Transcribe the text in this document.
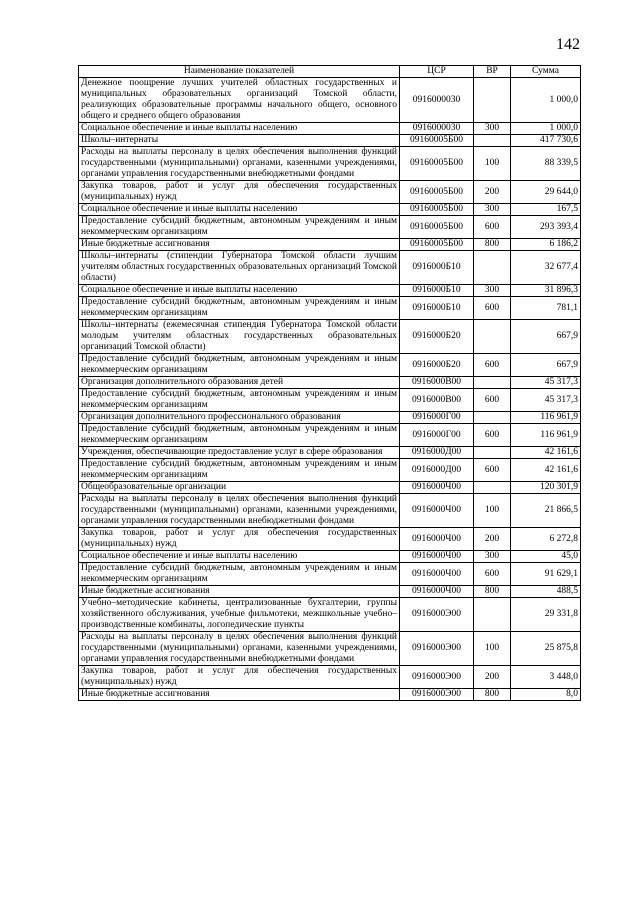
142
Наименование показателей	ЦСР	ВР	Сумма
Денежное поощрение лучших учителей областных государственных и муниципальных образовательных организаций Томской области, реализующих образовательные программы начального общего, основного общего и среднего общего образования	0916000030		1 000,0
Социальное обеспечение и иные выплаты населению	0916000030	300	1 000,0
Школы–интернаты	09160005Б00		417 730,6
Расходы на выплаты персоналу в целях обеспечения выполнения функций государственными (муниципальными) органами, казенными учреждениями, органами управления государственными внебюджетными фондами	09160005Б00	100	88 339,5
Закупка товаров, работ и услуг для обеспечения государственных (муниципальных) нужд	09160005Б00	200	29 644,0
Социальное обеспечение и иные выплаты населению	09160005Б00	300	167,5
Предоставление субсидий бюджетным, автономным учреждениям и иным некоммерческим организациям	09160005Б00	600	293 393,4
Иные бюджетные ассигнования	09160005Б00	800	6 186,2
Школы–интернаты (стипендии Губернатора Томской области лучшим учителям областных государственных образовательных организаций Томской области)	0916000Б10		32 677,4
Социальное обеспечение и иные выплаты населению	0916000Б10	300	31 896,3
Предоставление субсидий бюджетным, автономным учреждениям и иным некоммерческим организациям	0916000Б10	600	781,1
Школы–интернаты (ежемесячная стипендия Губернатора Томской области молодым учителям областных государственных образовательных организаций Томской области)	0916000Б20		667,9
Предоставление субсидий бюджетным, автономным учреждениям и иным некоммерческим организациям	0916000Б20	600	667,9
Организация дополнительного образования детей	0916000В00		45 317,3
Предоставление субсидий бюджетным, автономным учреждениям и иным некоммерческим организациям	0916000В00	600	45 317,3
Организация дополнительного профессионального образования	0916000Г00		116 961,9
Предоставление субсидий бюджетным, автономным учреждениям и иным некоммерческим организациям	0916000Г00	600	116 961,9
Учреждения, обеспечивающие предоставление услуг в сфере образования	0916000Д00		42 161,6
Предоставление субсидий бюджетным, автономным учреждениям и иным некоммерческим организациям	0916000Д00	600	42 161,6
Общеобразовательные организации	0916000Ч00		120 301,9
Расходы на выплаты персоналу в целях обеспечения выполнения функций государственными (муниципальными) органами, казенными учреждениями, органами управления государственными внебюджетными фондами	0916000Ч00	100	21 866,5
Закупка товаров, работ и услуг для обеспечения государственных (муниципальных) нужд	0916000Ч00	200	6 272,8
Социальное обеспечение и иные выплаты населению	0916000Ч00	300	45,0
Предоставление субсидий бюджетным, автономным учреждениям и иным некоммерческим организациям	0916000Ч00	600	91 629,1
Иные бюджетные ассигнования	0916000Ч00	800	488,5
Учебно–методические кабинеты, централизованные бухгалтерии, группы хозяйственного обслуживания, учебные фильмотеки, межшкольные учебно–производственные комбинаты, логопедические пункты	0916000Э00		29 331,8
Расходы на выплаты персоналу в целях обеспечения выполнения функций государственными (муниципальными) органами, казенными учреждениями, органами управления государственными внебюджетными фондами	0916000Э00	100	25 875,8
Закупка товаров, работ и услуг для обеспечения государственных (муниципальных) нужд	0916000Э00	200	3 448,0
Иные бюджетные ассигнования	0916000Э00	800	8,0
